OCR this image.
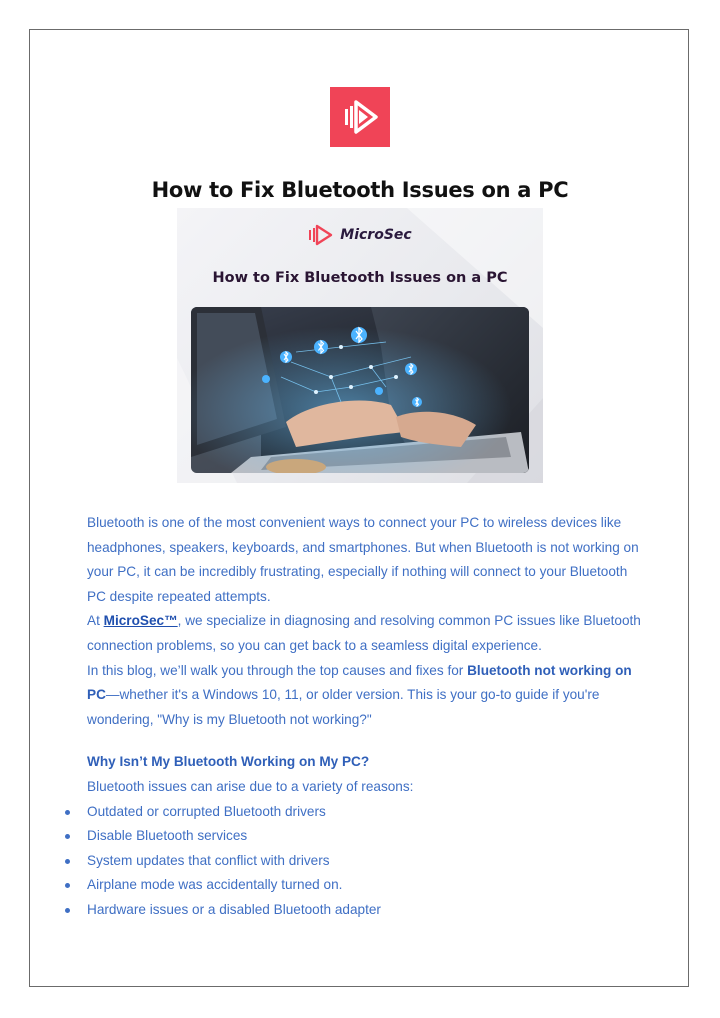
How to Fix Bluetooth Issues on a PC
MicroSec
How to Fix Bluetooth Issues on a PC

Bluetooth is one of the most convenient ways to connect your PC to wireless devices like headphones, speakers, keyboards, and smartphones. But when Bluetooth is not working on your PC, it can be incredibly frustrating, especially if nothing will connect to your Bluetooth PC despite repeated attempts.

At MicroSec™, we specialize in diagnosing and resolving common PC issues like Bluetooth connection problems, so you can get back to a seamless digital experience.

In this blog, we’ll walk you through the top causes and fixes for Bluetooth not working on PC—whether it's a Windows 10, 11, or older version. This is your go-to guide if you're wondering, "Why is my Bluetooth not working?"

Why Isn’t My Bluetooth Working on My PC?

Bluetooth issues can arise due to a variety of reasons:

Outdated or corrupted Bluetooth drivers
Disable Bluetooth services
System updates that conflict with drivers
Airplane mode was accidentally turned on.
Hardware issues or a disabled Bluetooth adapter
